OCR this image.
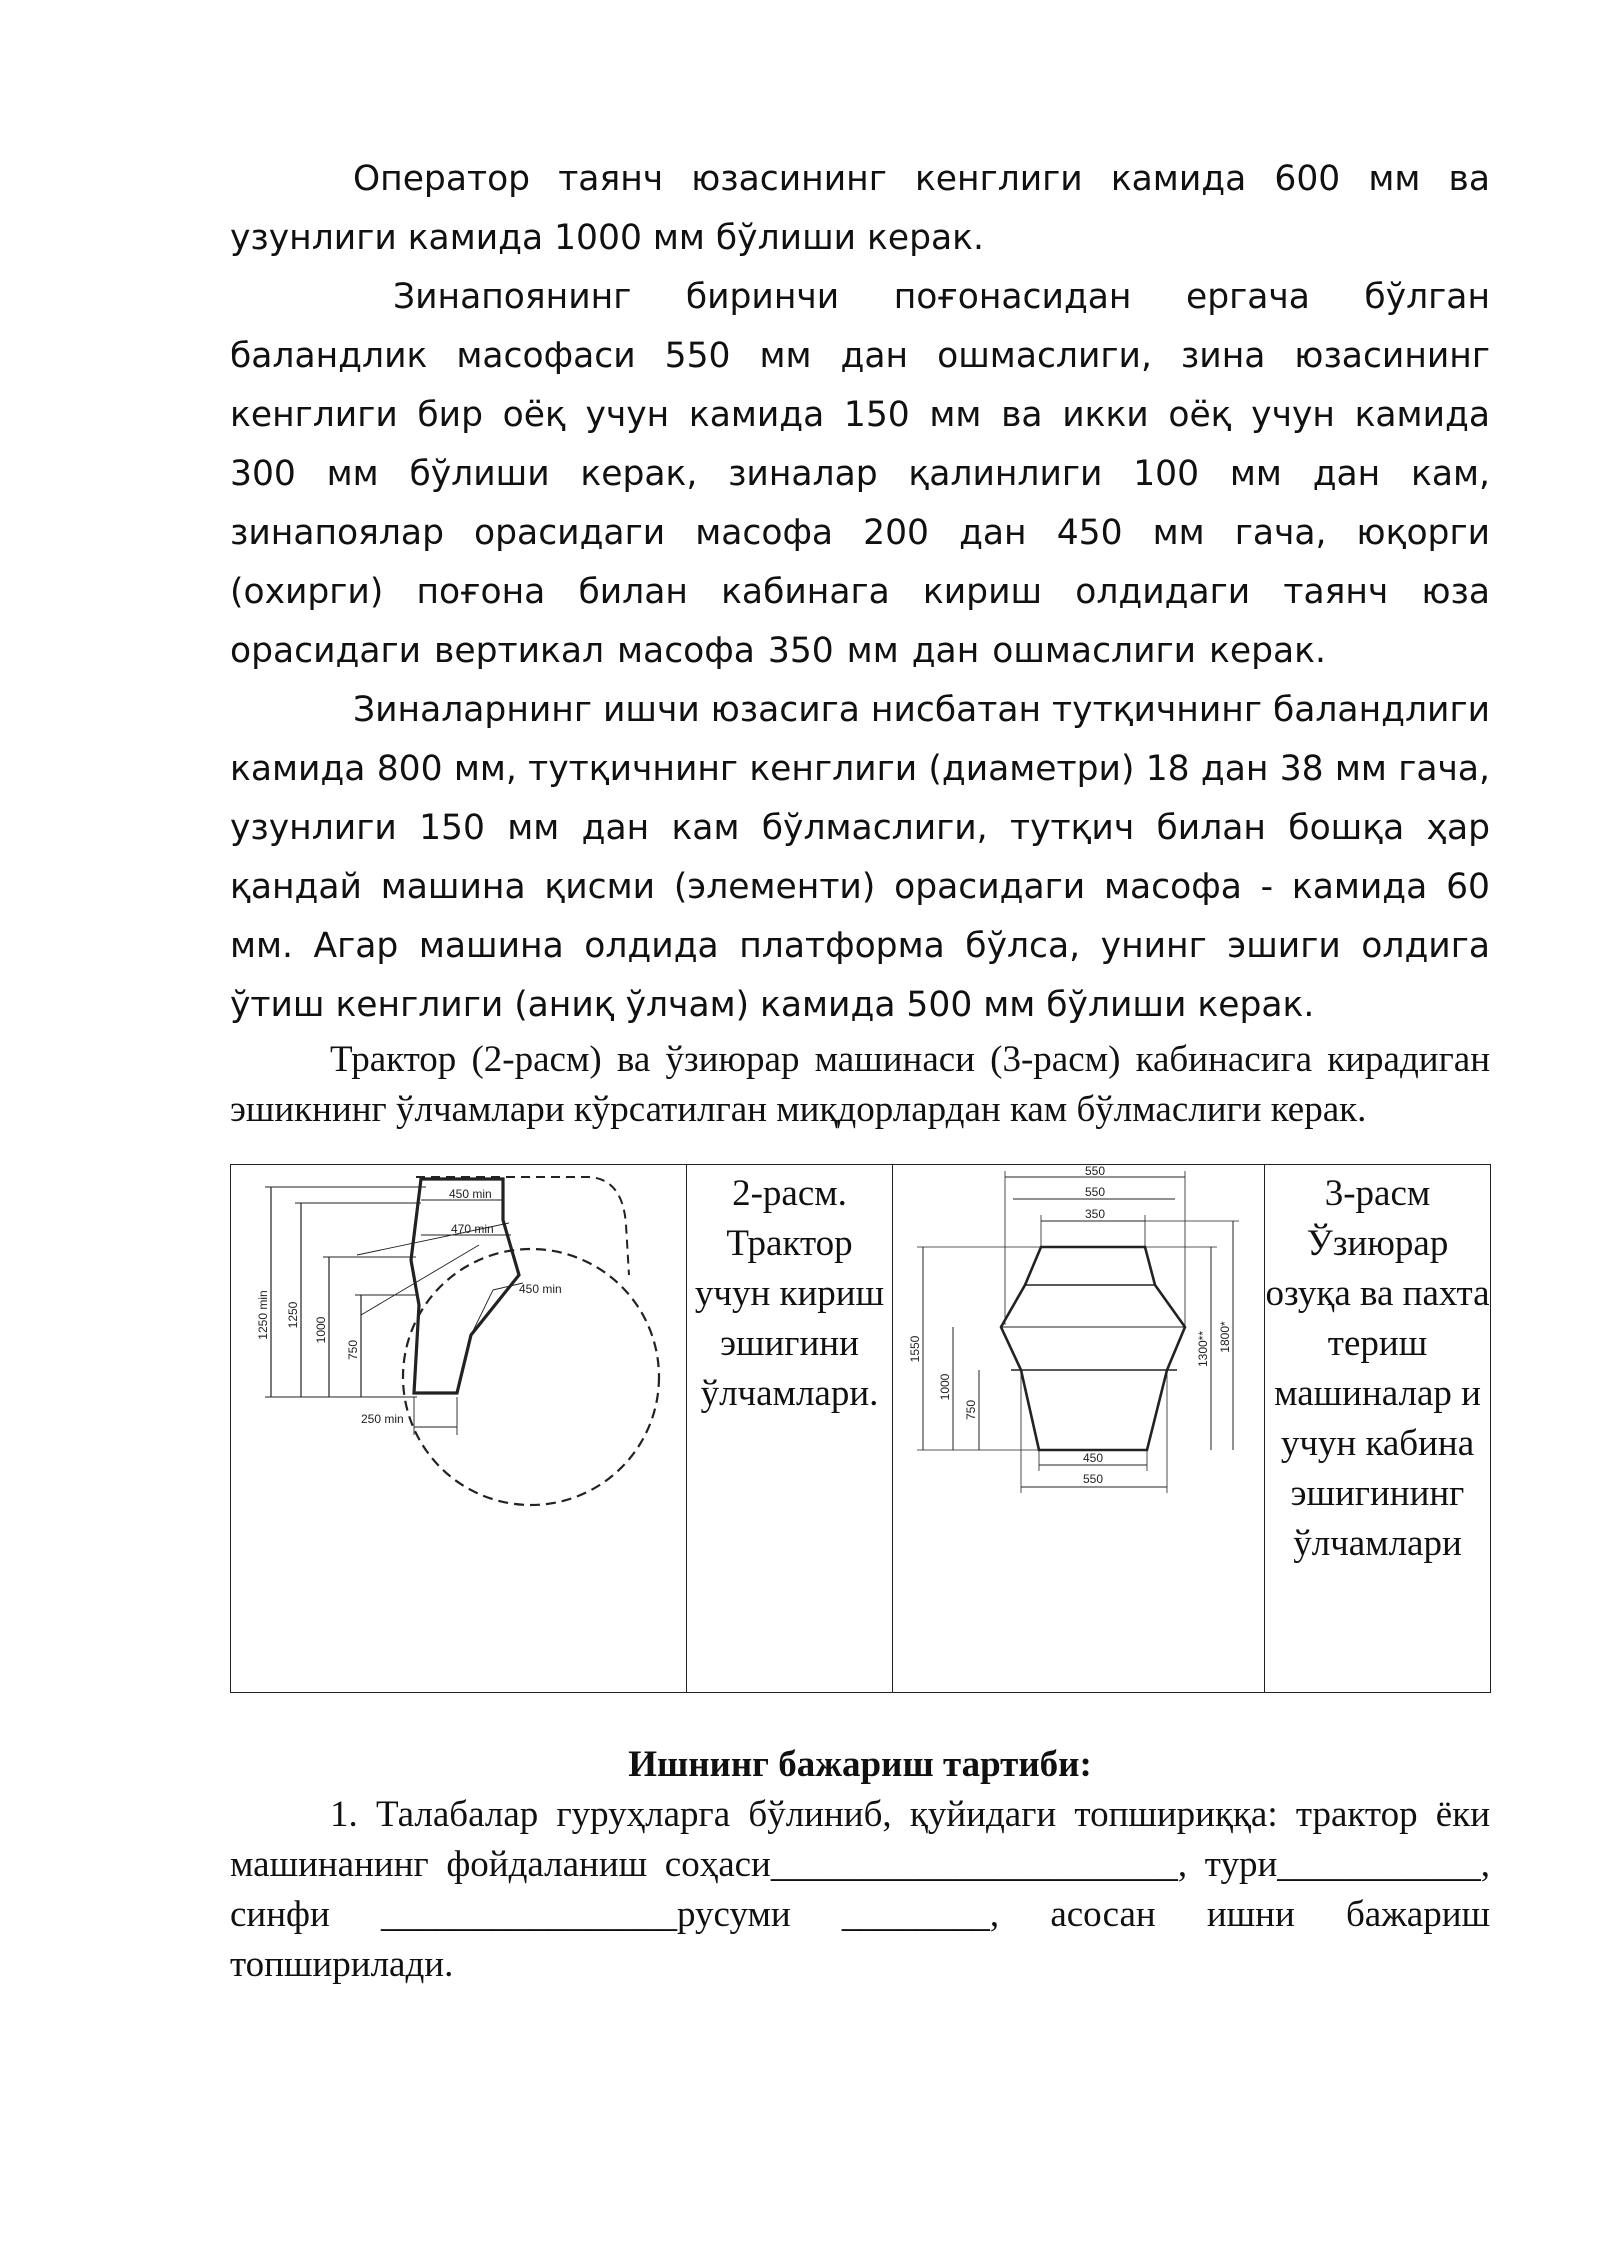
Оператор таянч юзасининг кенглиги камида 600 мм ва узунлиги камида 1000 мм бўлиши керак.

Зинапоянинг биринчи поғонасидан ергача бўлган баландлик масофаси 550 мм дан ошмаслиги, зина юзасининг кенглиги бир оёқ учун камида 150 мм ва икки оёқ учун камида 300 мм бўлиши керак, зиналар қалинлиги 100 мм дан кам, зинапоялар орасидаги масофа 200 дан 450 мм гача, юқорги (охирги) поғона билан кабинага кириш олдидаги таянч юза орасидаги вертикал масофа 350 мм дан ошмаслиги керак.

Зиналарнинг ишчи юзасига нисбатан тутқичнинг баландлиги камида 800 мм, тутқичнинг кенглиги (диаметри) 18 дан 38 мм гача, узунлиги 150 мм дан кам бўлмаслиги, тутқич билан бошқа ҳар қандай машина қисми (элементи) орасидаги масофа - камида 60 мм. Агар машина олдида платформа бўлса, унинг эшиги олдига ўтиш кенглиги (аниқ ўлчам) камида 500 мм бўлиши керак.

Трактор (2-расм) ва ўзиюрар машинаси (3-расм) кабинасига кирадиган эшикнинг ўлчамлари кўрсатилган миқдорлардан кам бўлмаслиги керак.

450 min
470 min
450 min
250 min
1250 min 1250
1000
750

2-расм. Трактор учун кириш эшигини ўлчамлари.

550
550
350
450
550
1550
1000
750
1300** 1800*

3-расм Ўзиюрар озуқа ва пахта териш машиналар и учун кабина эшигининг ўлчамлари

Ишнинг бажариш тартиби:

1. Талабалар гуруҳларга бўлиниб, қуйидаги топшириққа: трактор ёки машинанинг фойдаланиш соҳаси______________________, тури___________, синфи ________________русуми ________, асосан ишни бажариш топширилади.
